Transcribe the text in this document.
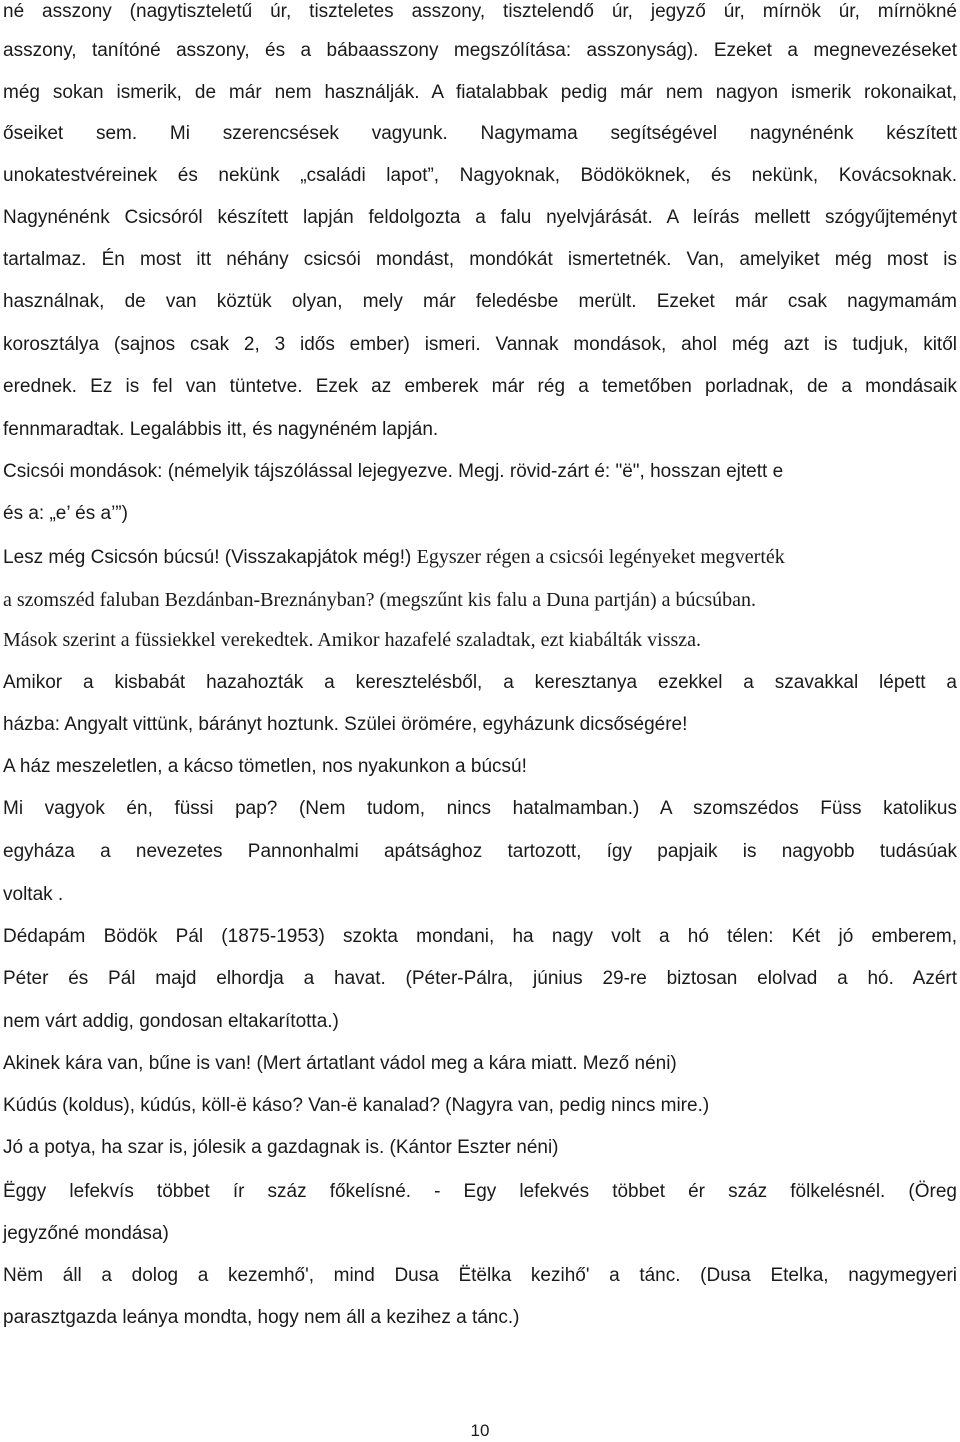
né asszony (nagytiszteletű úr, tiszteletes asszony, tisztelendő úr, jegyző úr, mírnök úr, mírnökné
asszony, tanítóné asszony, és a bábaasszony megszólítása: asszonyság). Ezeket a megnevezéseket
még sokan ismerik, de már nem használják. A fiatalabbak pedig már nem nagyon ismerik rokonaikat,
őseiket sem. Mi szerencsések vagyunk. Nagymama segítségével nagynénénk készített
unokatestvéreinek és nekünk „családi lapot”, Nagyoknak, Bödököknek, és nekünk, Kovácsoknak.
Nagynénénk Csicsóról készített lapján feldolgozta a falu nyelvjárását. A leírás mellett szógyűjteményt
tartalmaz. Én most itt néhány csicsói mondást, mondókát ismertetnék. Van, amelyiket még most is
használnak, de van köztük olyan, mely már feledésbe merült. Ezeket már csak nagymamám
korosztálya (sajnos csak 2, 3 idős ember) ismeri. Vannak mondások, ahol még azt is tudjuk, kitől
erednek. Ez is fel van tüntetve. Ezek az emberek már rég a temetőben porladnak, de a mondásaik
fennmaradtak. Legalábbis itt, és nagynéném lapján.
Csicsói mondások: (némelyik tájszólással lejegyezve. Megj. rövid-zárt é: "ë", hosszan ejtett e
és a: „e’ és a’”)
Lesz még Csicsón búcsú! (Visszakapjátok még!) Egyszer régen a csicsói legényeket megverték
a szomszéd faluban Bezdánban-Breznányban? (megszűnt kis falu a Duna partján) a búcsúban.
Mások szerint a füssiekkel verekedtek. Amikor hazafelé szaladtak, ezt kiabálták vissza.
Amikor a kisbabát hazahozták a keresztelésből, a keresztanya ezekkel a szavakkal lépett a
házba: Angyalt vittünk, bárányt hoztunk. Szülei örömére, egyházunk dicsőségére!
A ház meszeletlen, a kácso tömetlen, nos nyakunkon a búcsú!
Mi vagyok én, füssi pap? (Nem tudom, nincs hatalmamban.) A szomszédos Füss katolikus
egyháza a nevezetes Pannonhalmi apátsághoz tartozott, így papjaik is nagyobb tudásúak
voltak .
Dédapám Bödök Pál (1875-1953) szokta mondani, ha nagy volt a hó télen: Két jó emberem,
Péter és Pál majd elhordja a havat. (Péter-Pálra, június 29-re biztosan elolvad a hó. Azért
nem várt addig, gondosan eltakarította.)
Akinek kára van, bűne is van! (Mert ártatlant vádol meg a kára miatt. Mező néni)
Kúdús (koldus), kúdús, köll-ë káso? Van-ë kanalad? (Nagyra van, pedig nincs mire.)
Jó a potya, ha szar is, jólesik a gazdagnak is. (Kántor Eszter néni)
Ëggy lefekvís többet ír száz főkelísné. - Egy lefekvés többet ér száz fölkelésnél. (Öreg
jegyzőné mondása)
Nëm áll a dolog a kezemhő', mind Dusa Ëtëlka kezihő' a tánc. (Dusa Etelka, nagymegyeri
parasztgazda leánya mondta, hogy nem áll a kezihez a tánc.)
10
